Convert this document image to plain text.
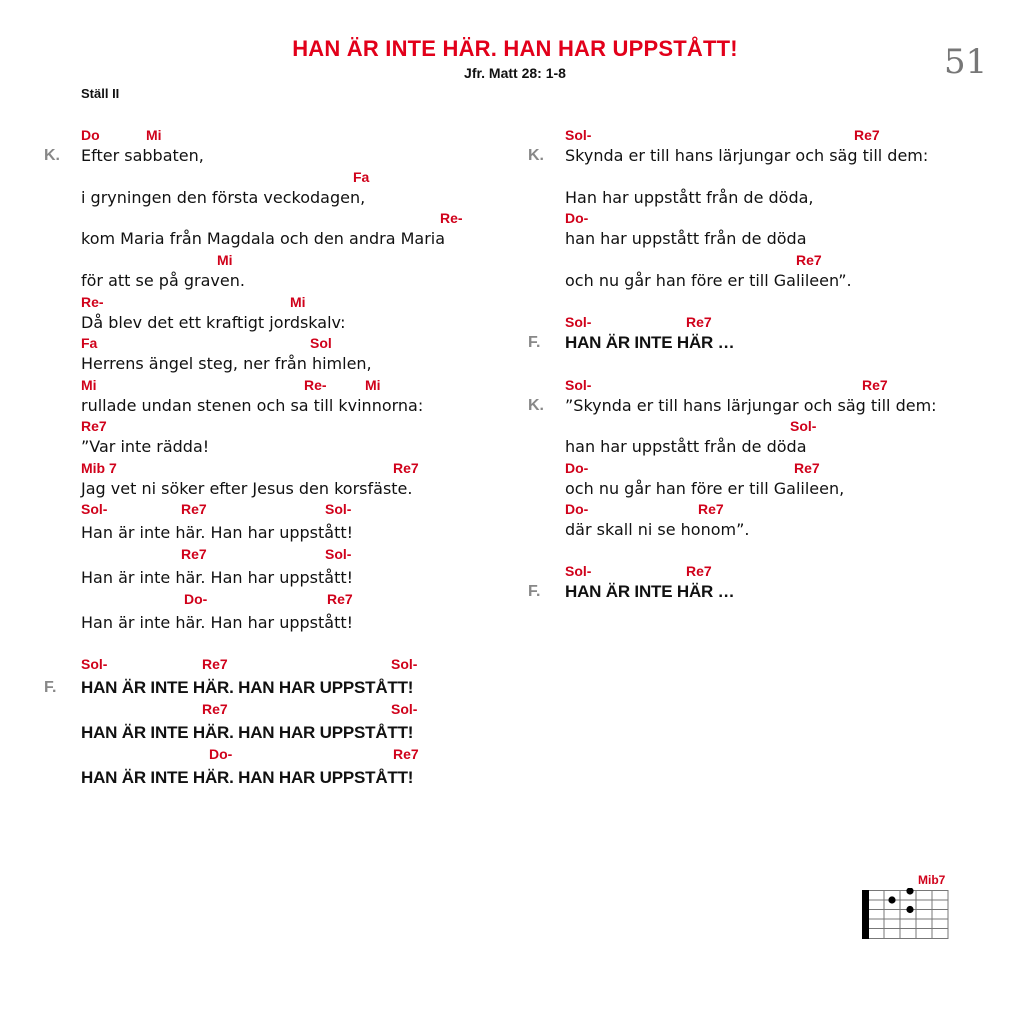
HAN ÄR INTE HÄR. HAN HAR UPPSTÅTT!
Jfr. Matt 28: 1-8	51
Ställ II
K.
F.
Do	Mi
Efter sabbaten,
Fa
i gryningen den första veckodagen,
Re-
kom Maria från Magdala och den andra Maria
Mi
för att se på graven.
Re-	Mi
Då blev det ett kraftigt jordskalv:
Fa	Sol
Herrens ängel steg, ner från himlen,
Mi	Re-	Mi
rullade undan stenen och sa till kvinnorna:
Re7
”Var inte rädda!
Mib 7	Re7
Jag vet ni söker efter Jesus den korsfäste.
Sol-	Re7	Sol-
Han är inte här. Han har uppstått!
Re7	Sol-
Han är inte här. Han har uppstått!
Do-	Re7
Han är inte här. Han har uppstått!
Sol-	Re7	Sol-
HAN ÄR INTE HÄR. HAN HAR UPPSTÅTT!
Re7	Sol-
HAN ÄR INTE HÄR. HAN HAR UPPSTÅTT!
Do-	Re7
HAN ÄR INTE HÄR. HAN HAR UPPSTÅTT!
K.
F.
K.
F.
Sol-	Re7
Skynda er till hans lärjungar och säg till dem:
Han har uppstått från de döda,
Do-
han har uppstått från de döda
Re7
och nu går han före er till Galileen”.
Sol-	Re7
HAN ÄR INTE HÄR …
Sol-	Re7
”Skynda er till hans lärjungar och säg till dem:
Sol-
han har uppstått från de döda
Do-	Re7
och nu går han före er till Galileen,
Do-	Re7
där skall ni se honom”.
Sol-	Re7
HAN ÄR INTE HÄR …
Mib7
